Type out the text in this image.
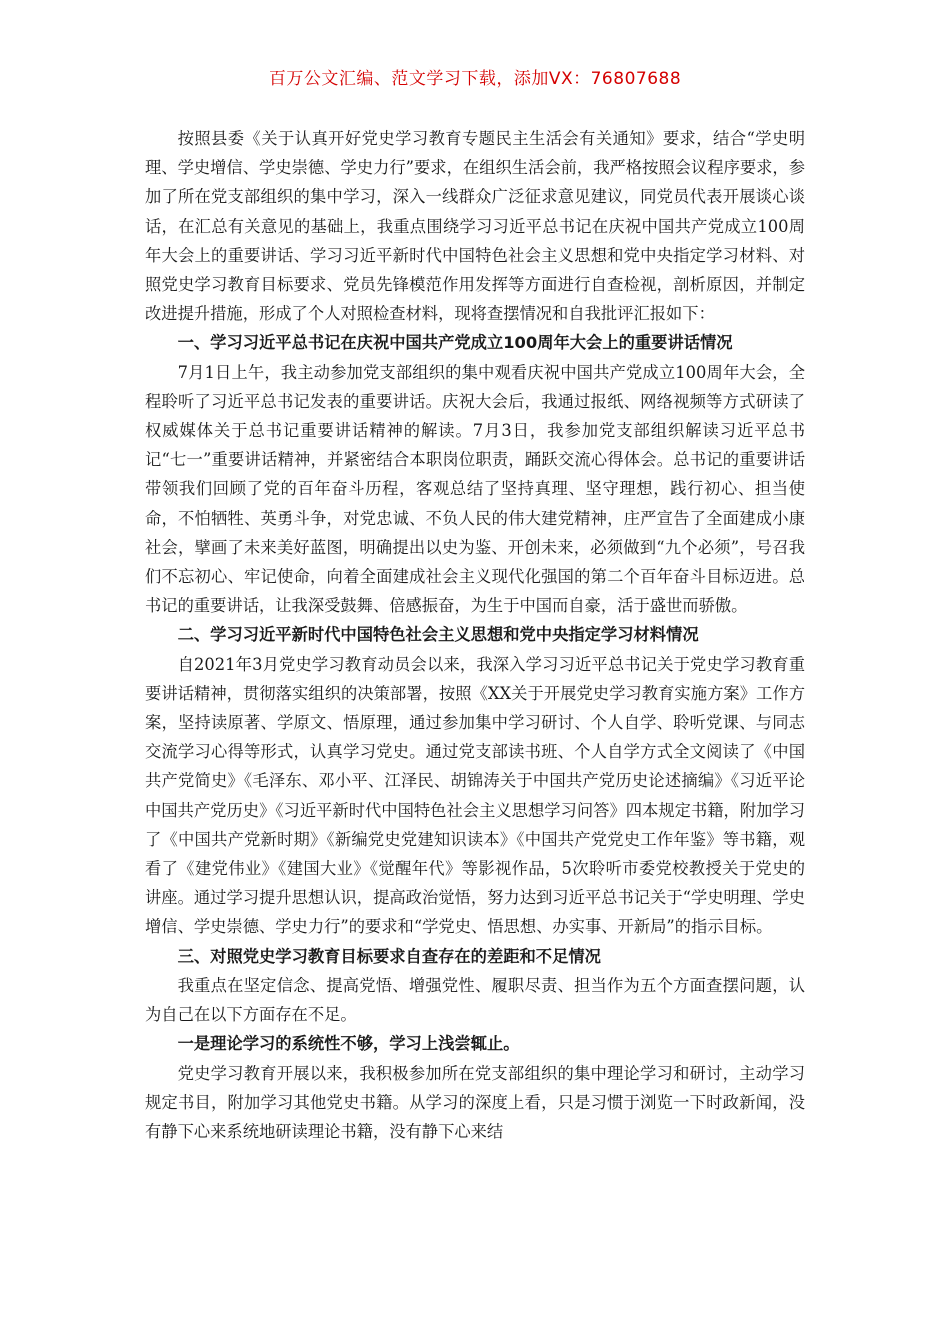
百万公文汇编、范文学习下载，添加VX：76807688

按照县委《关于认真开好党史学习教育专题民主生活会有关通知》要求，结合“学史明理、学史增信、学史崇德、学史力行”要求，在组织生活会前，我严格按照会议程序要求，参加了所在党支部组织的集中学习，深入一线群众广泛征求意见建议，同党员代表开展谈心谈话，在汇总有关意见的基础上，我重点围绕学习习近平总书记在庆祝中国共产党成立100周年大会上的重要讲话、学习习近平新时代中国特色社会主义思想和党中央指定学习材料、对照党史学习教育目标要求、党员先锋模范作用发挥等方面进行自查检视，剖析原因，并制定改进提升措施，形成了个人对照检查材料，现将查摆情况和自我批评汇报如下：

一、学习习近平总书记在庆祝中国共产党成立100周年大会上的重要讲话情况

7月1日上午，我主动参加党支部组织的集中观看庆祝中国共产党成立100周年大会，全程聆听了习近平总书记发表的重要讲话。庆祝大会后，我通过报纸、网络视频等方式研读了权威媒体关于总书记重要讲话精神的解读。7月3日，我参加党支部组织解读习近平总书记“七一”重要讲话精神，并紧密结合本职岗位职责，踊跃交流心得体会。总书记的重要讲话带领我们回顾了党的百年奋斗历程，客观总结了坚持真理、坚守理想，践行初心、担当使命，不怕牺牲、英勇斗争，对党忠诚、不负人民的伟大建党精神，庄严宣告了全面建成小康社会，擘画了未来美好蓝图，明确提出以史为鉴、开创未来，必须做到“九个必须”，号召我们不忘初心、牢记使命，向着全面建成社会主义现代化强国的第二个百年奋斗目标迈进。总书记的重要讲话，让我深受鼓舞、倍感振奋，为生于中国而自豪，活于盛世而骄傲。

二、学习习近平新时代中国特色社会主义思想和党中央指定学习材料情况

自2021年3月党史学习教育动员会以来，我深入学习习近平总书记关于党史学习教育重要讲话精神，贯彻落实组织的决策部署，按照《XX关于开展党史学习教育实施方案》工作方案，坚持读原著、学原文、悟原理，通过参加集中学习研讨、个人自学、聆听党课、与同志交流学习心得等形式，认真学习党史。通过党支部读书班、个人自学方式全文阅读了《中国共产党简史》《毛泽东、邓小平、江泽民、胡锦涛关于中国共产党历史论述摘编》《习近平论中国共产党历史》《习近平新时代中国特色社会主义思想学习问答》四本规定书籍，附加学习了《中国共产党新时期》《新编党史党建知识读本》《中国共产党党史工作年鉴》等书籍，观看了《建党伟业》《建国大业》《觉醒年代》等影视作品，5次聆听市委党校教授关于党史的讲座。通过学习提升思想认识，提高政治觉悟，努力达到习近平总书记关于“学史明理、学史增信、学史崇德、学史力行”的要求和“学党史、悟思想、办实事、开新局”的指示目标。

三、对照党史学习教育目标要求自查存在的差距和不足情况

我重点在坚定信念、提高党悟、增强党性、履职尽责、担当作为五个方面查摆问题，认为自己在以下方面存在不足。

一是理论学习的系统性不够，学习上浅尝辄止。

党史学习教育开展以来，我积极参加所在党支部组织的集中理论学习和研讨，主动学习规定书目，附加学习其他党史书籍。从学习的深度上看，只是习惯于浏览一下时政新闻，没有静下心来系统地研读理论书籍，没有静下心来结
